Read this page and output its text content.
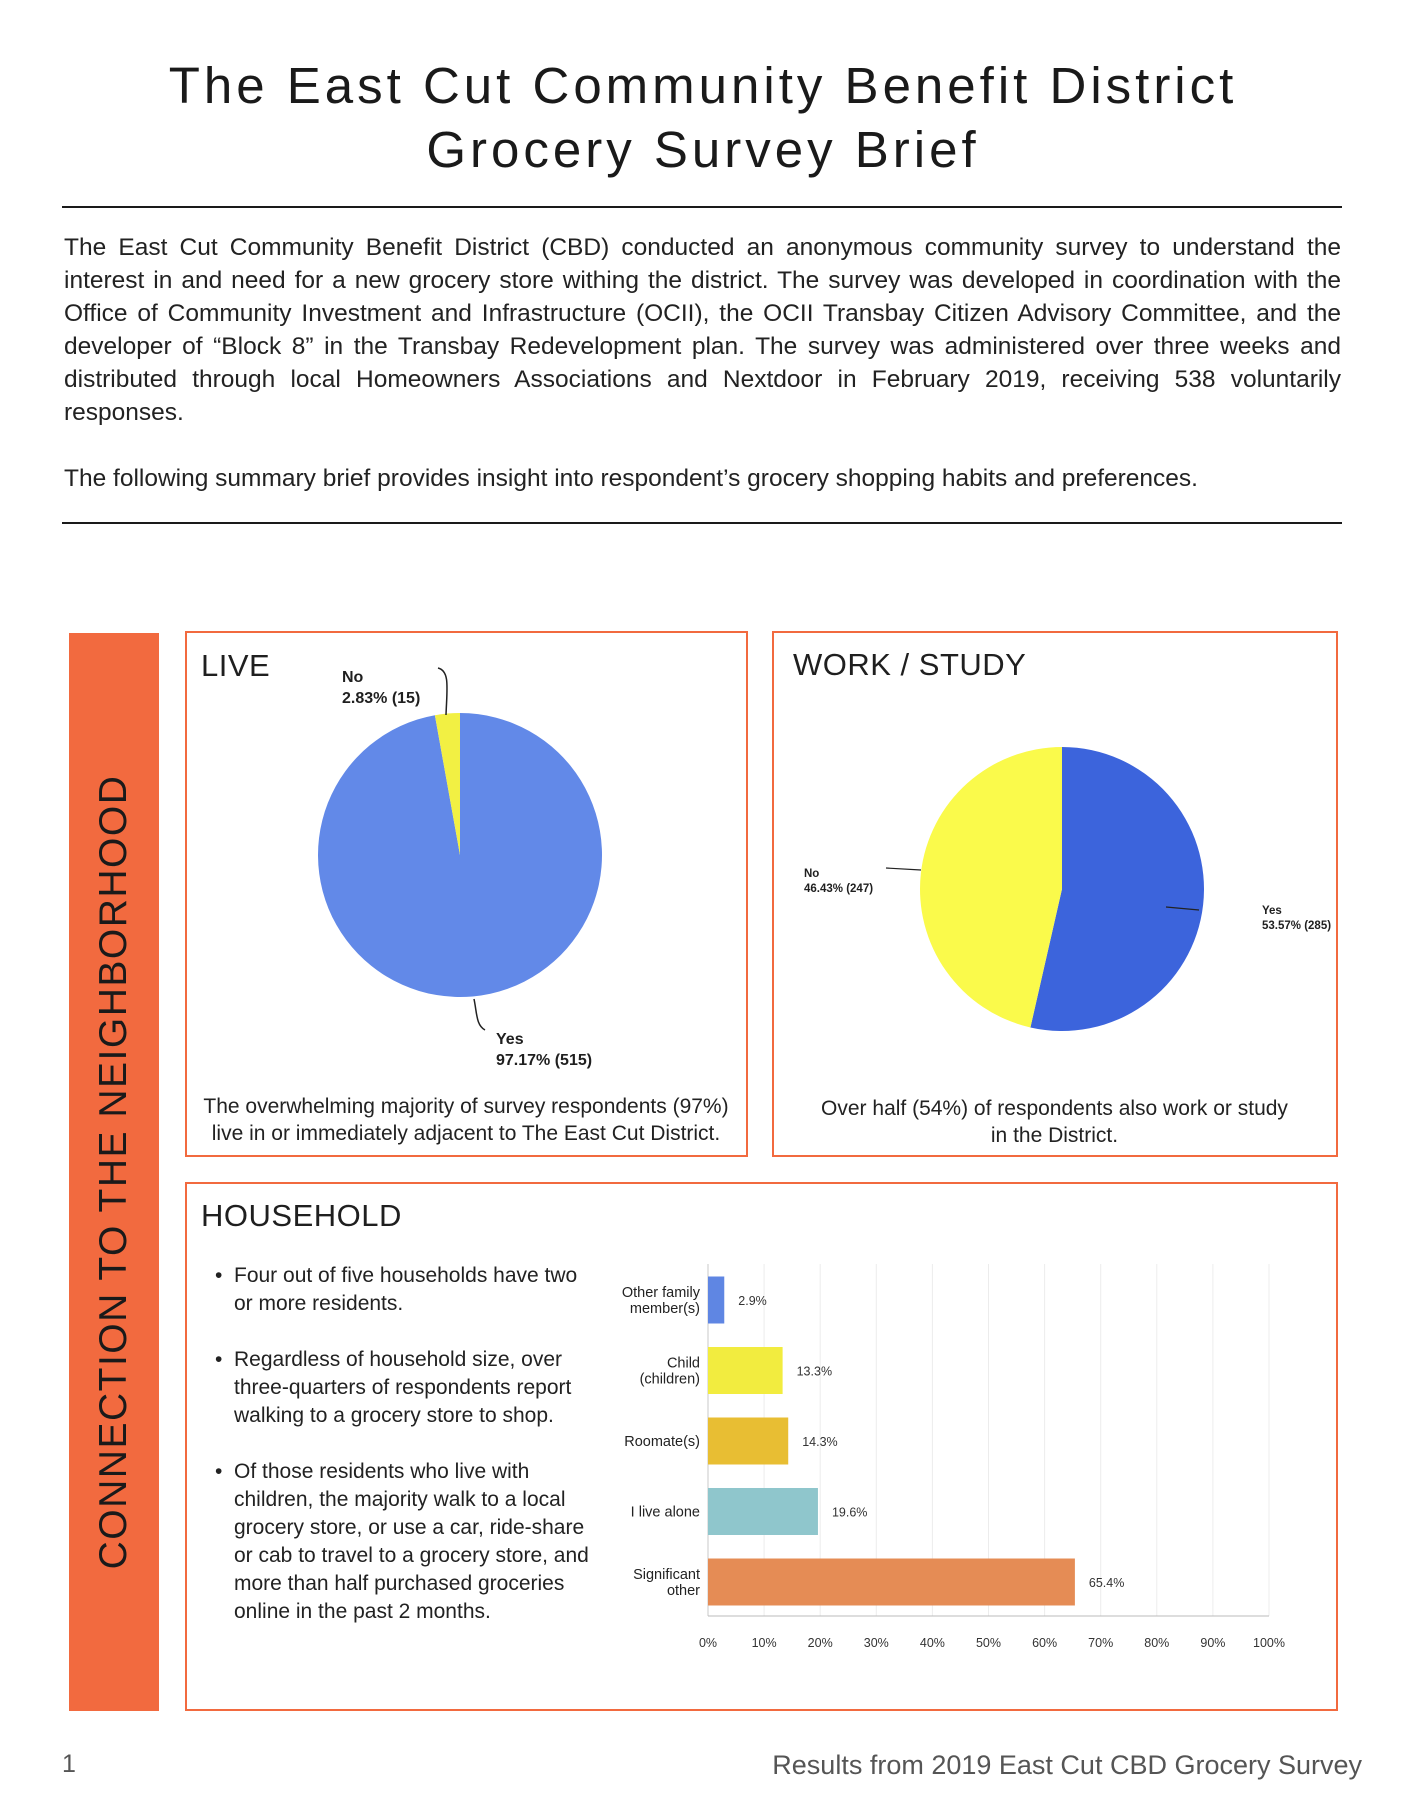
The East Cut Community Benefit District
Grocery Survey Brief

The East Cut Community Benefit District (CBD) conducted an anonymous community survey to understand the interest in and need for a new grocery store withing the district. The survey was developed in coordination with the Office of Community Investment and Infrastructure (OCII), the OCII Transbay Citizen Advisory Committee, and the developer of “Block 8” in the Transbay Redevelopment plan. The survey was administered over three weeks and distributed through local Homeowners Associations and Nextdoor in February 2019, receiving 538 voluntarily responses.

The following summary brief provides insight into respondent’s grocery shopping habits and preferences.

CONNECTION TO THE NEIGHBORHOOD
LIVE	No
2.83% (15)
Yes
97.17% (515)
The overwhelming majority of survey respondents (97%)
live in or immediately adjacent to The East Cut District.
WORK / STUDY
No
46.43% (247)
Yes
53.57% (285)
Over half (54%) of respondents also work or study
in the District.
HOUSEHOLD
• Four out of five households have two or more residents.
• Regardless of household size, over three-quarters of respondents report walking to a grocery store to shop.
• Of those residents who live with children, the majority walk to a local grocery store, or use a car, ride-share or cab to travel to a grocery store, and more than half purchased groceries online in the past 2 months.
0%	10% 20% 30% 40% 50% 60% 70% 80% 90% 100%
2.9%
Other family member(s)
13.3%
Child (children)
14.3%
Roomate(s)
19.6%
I live alone
65.4%
Significant other
1	Results from 2019 East Cut CBD Grocery Survey
